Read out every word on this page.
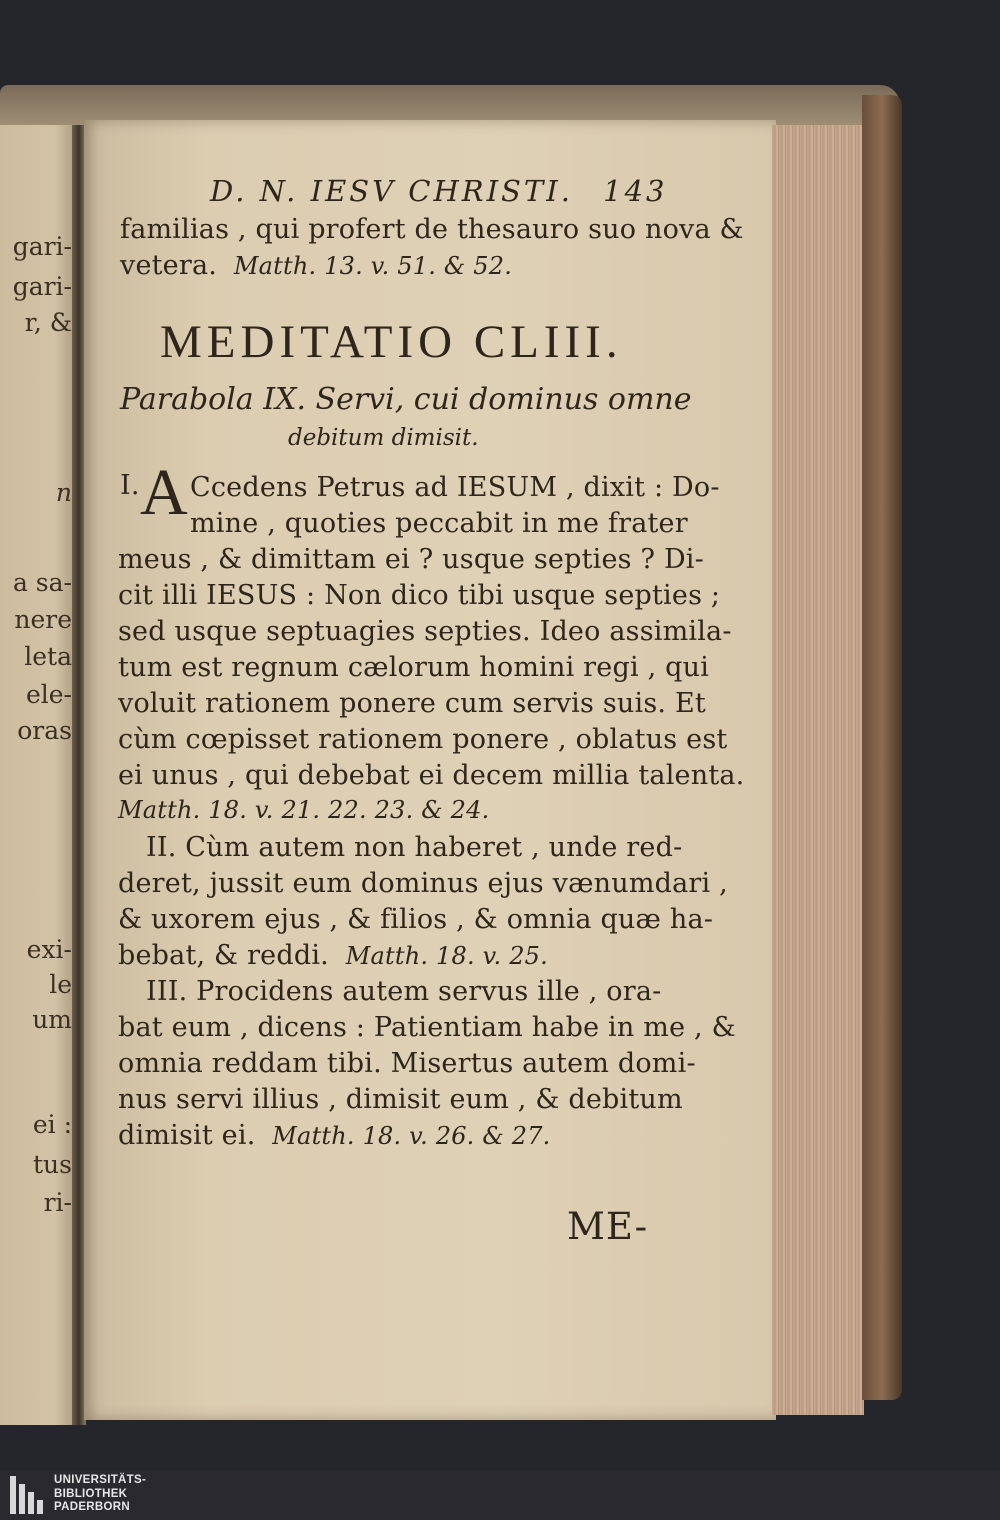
gari-
gari-
r, &
n
a sa-
nere
leta
ele-
oras
exi-
le
um
ei :
tus
ri-
D. N. IESV CHRISTI. 143
familias , qui profert de thesauro suo nova &
vetera. Matth. 13. v. 51. & 52.
MEDITATIO CLIII.
Parabola IX. Servi, cui dominus omne
debitum dimisit.
I. A Ccedens Petrus ad IESUM , dixit : Do-
mine , quoties peccabit in me frater
meus , & dimittam ei ? usque septies ? Di-
cit illi IESUS : Non dico tibi usque septies ;
sed usque septuagies septies. Ideo assimila-
tum est regnum cælorum homini regi , qui
voluit rationem ponere cum servis suis. Et
cùm cœpisset rationem ponere , oblatus est
ei unus , qui debebat ei decem millia talenta.
Matth. 18. v. 21. 22. 23. & 24.
II. Cùm autem non haberet , unde red-
deret, jussit eum dominus ejus vænumdari ,
& uxorem ejus , & filios , & omnia quæ ha-
bebat, & reddi. Matth. 18. v. 25.
III. Procidens autem servus ille , ora-
bat eum , dicens : Patientiam habe in me , &
omnia reddam tibi. Misertus autem domi-
nus servi illius , dimisit eum , & debitum
dimisit ei. Matth. 18. v. 26. & 27.
ME-
UNIVERSITÄTS-
BIBLIOTHEK
PADERBORN
